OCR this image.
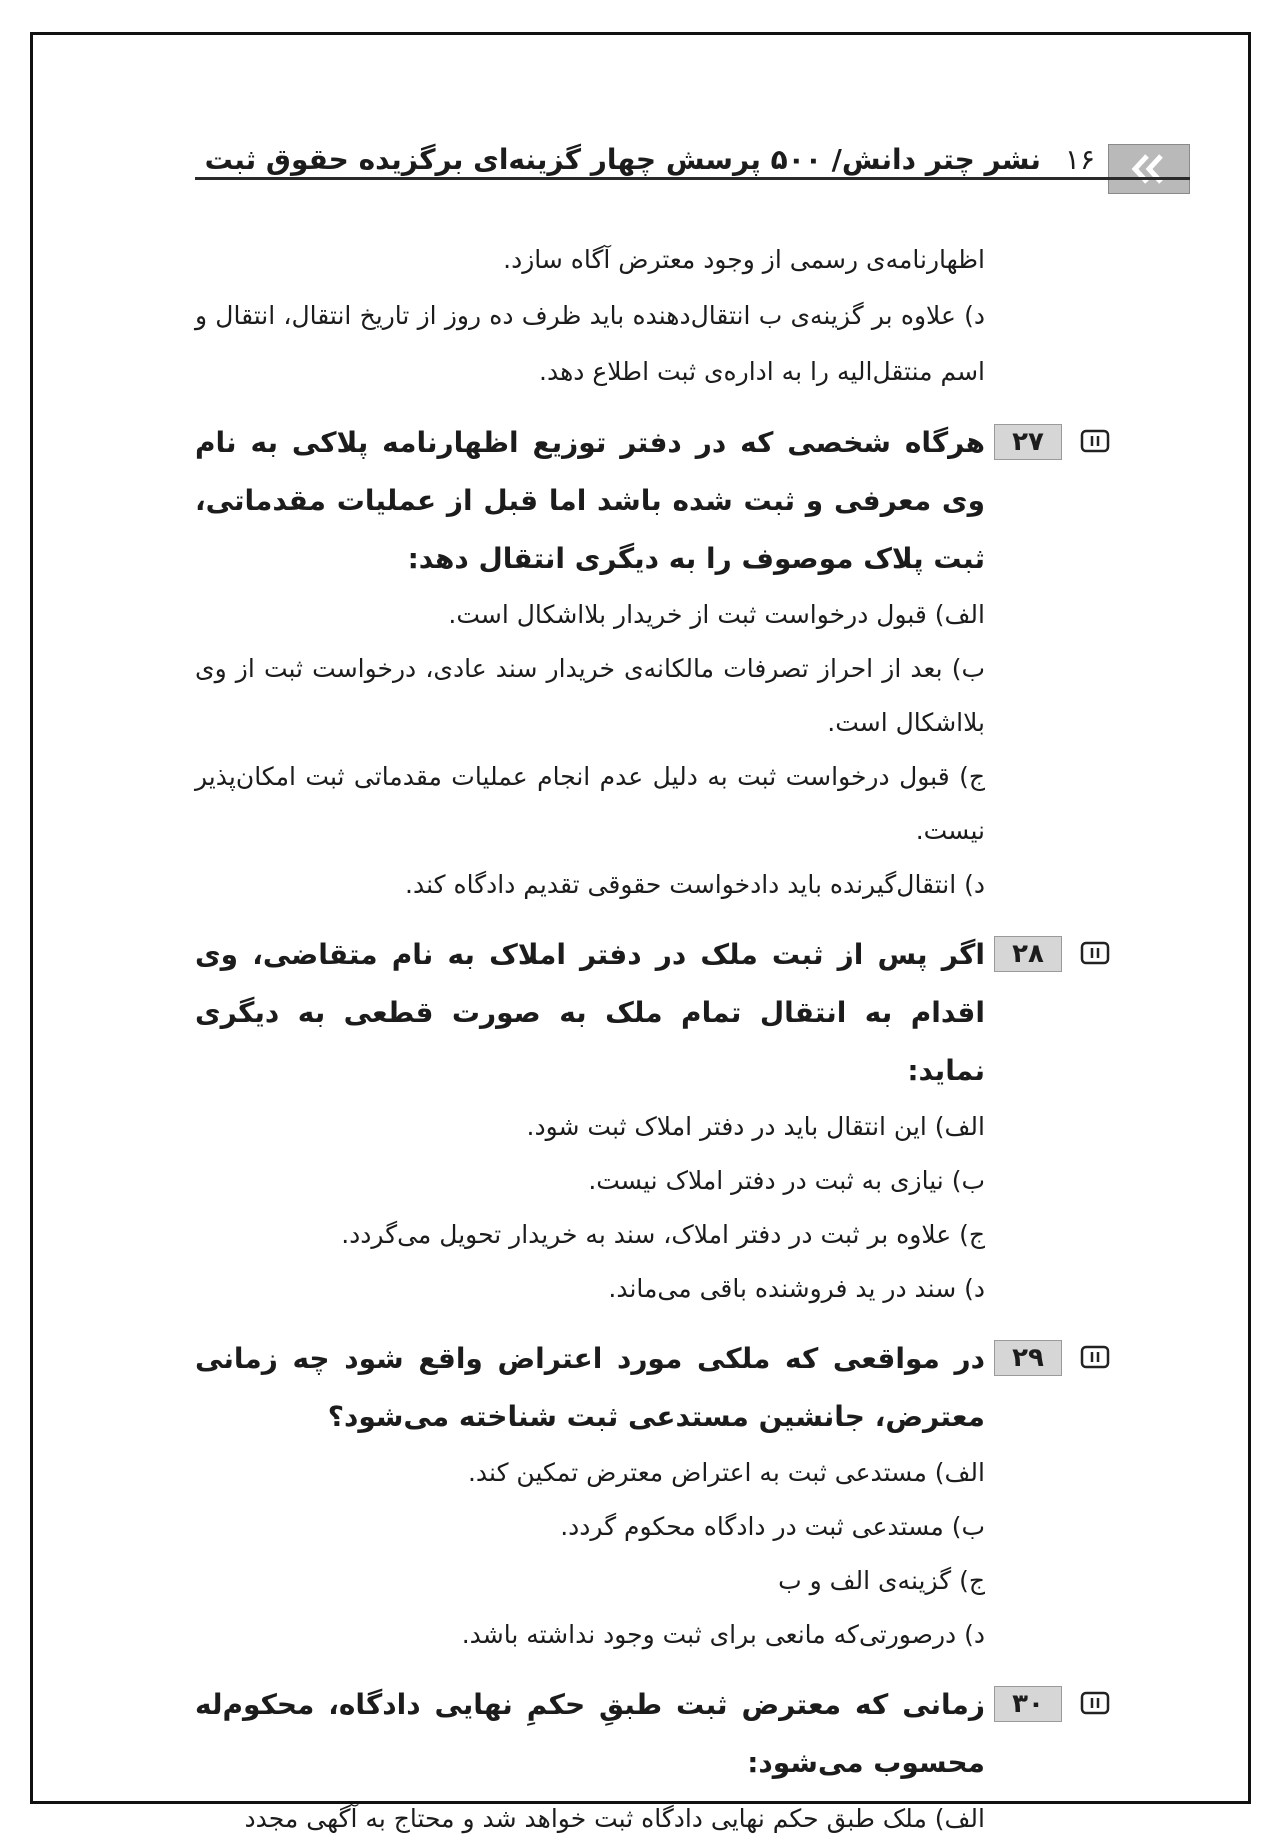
۱۶نشر چتر دانش/ ۵۰۰ پرسش چهار گزینه‌ای برگزیده حقوق ثبت

اظهارنامه‌ی رسمی از وجود معترض آگاه سازد.

د) علاوه بر گزینه‌ی ب انتقال‌دهنده باید ظرف ده روز از تاریخ انتقال، انتقال و اسم منتقل‌الیه را به اداره‌ی ثبت اطلاع دهد.

۲۷

هرگاه شخصی که در دفتر توزیع اظهارنامه پلاکی به نام وی معرفی و ثبت شده باشد اما قبل از عملیات مقدماتی، ثبت پلاک موصوف را به دیگری انتقال دهد:

الف) قبول درخواست ثبت از خریدار بلااشکال است.

ب) بعد از احراز تصرفات مالکانه‌ی خریدار سند عادی، درخواست ثبت از وی بلااشکال است.

ج) قبول درخواست ثبت به دلیل عدم انجام عملیات مقدماتی ثبت امکان‌پذیر نیست.

د) انتقال‌گیرنده باید دادخواست حقوقی تقدیم دادگاه کند.

۲۸

اگر پس از ثبت ملک در دفتر املاک به نام متقاضی، وی اقدام به انتقال تمام ملک به صورت قطعی به دیگری نماید:

الف) این انتقال باید در دفتر املاک ثبت شود.

ب) نیازی به ثبت در دفتر املاک نیست.

ج) علاوه بر ثبت در دفتر املاک، سند به خریدار تحویل می‌گردد.

د) سند در ید فروشنده باقی می‌ماند.

۲۹

در مواقعی که ملکی مورد اعتراض واقع شود چه زمانی معترض، جانشین مستدعی ثبت شناخته می‌شود؟

الف) مستدعی ثبت به اعتراض معترض تمکین کند.

ب) مستدعی ثبت در دادگاه محکوم گردد.

ج) گزینه‌ی الف و ب

د) درصورتی‌که مانعی برای ثبت وجود نداشته باشد.

۳۰

زمانی که معترض ثبت طبقِ حکمِ نهایی دادگاه، محکوم‌له محسوب می‌شود:

الف) ملک طبق حکم نهایی دادگاه ثبت خواهد شد و محتاج به آگهی مجدد
